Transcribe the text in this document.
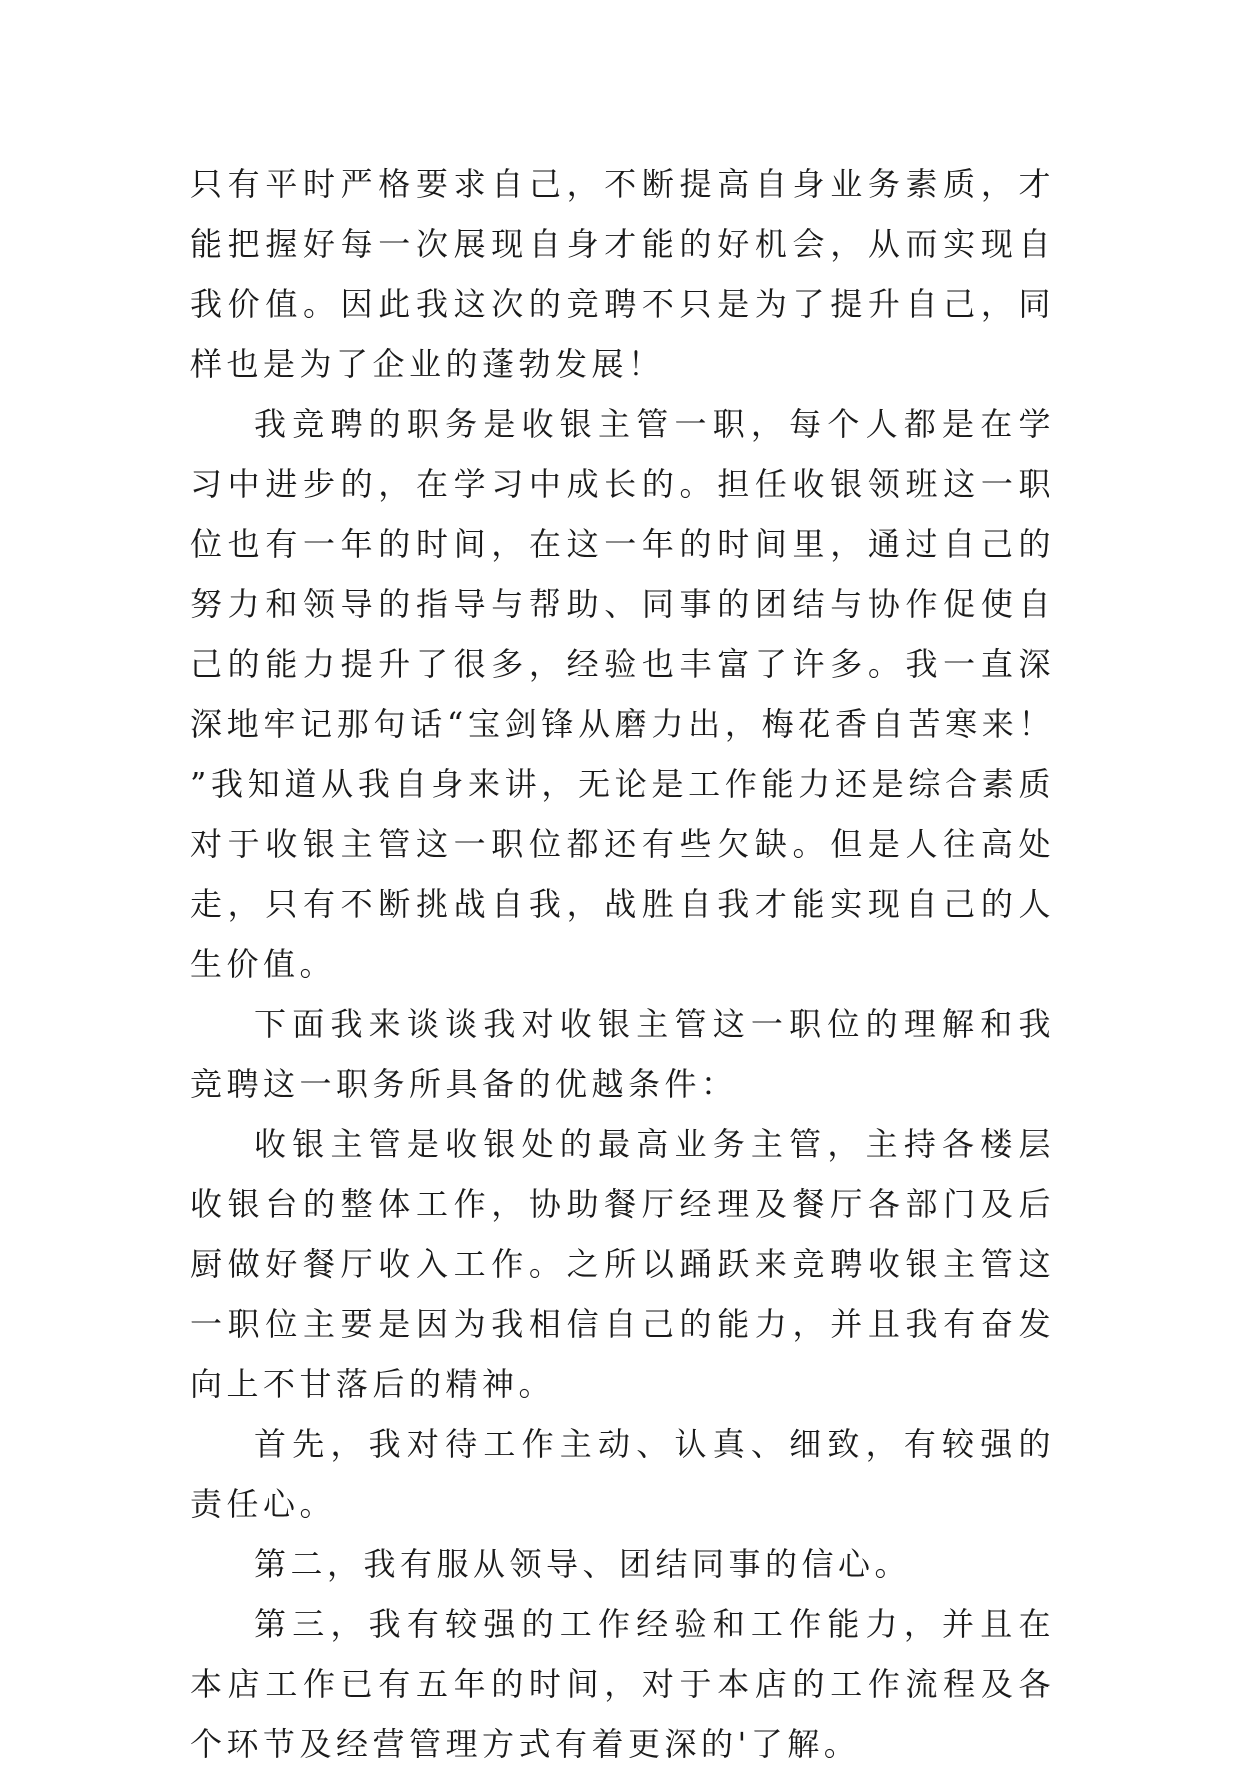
只有平时严格要求自己，不断提高自身业务素质，才能把握好每一次展现自身才能的好机会，从而实现自我价值。因此我这次的竞聘不只是为了提升自己，同样也是为了企业的蓬勃发展！

我竞聘的职务是收银主管一职，每个人都是在学习中进步的，在学习中成长的。担任收银领班这一职位也有一年的时间，在这一年的时间里，通过自己的努力和领导的指导与帮助、同事的团结与协作促使自己的能力提升了很多，经验也丰富了许多。我一直深深地牢记那句话“宝剑锋从磨力出，梅花香自苦寒来！”我知道从我自身来讲，无论是工作能力还是综合素质对于收银主管这一职位都还有些欠缺。但是人往高处走，只有不断挑战自我，战胜自我才能实现自己的人生价值。

下面我来谈谈我对收银主管这一职位的理解和我竞聘这一职务所具备的优越条件：

收银主管是收银处的最高业务主管，主持各楼层收银台的整体工作，协助餐厅经理及餐厅各部门及后厨做好餐厅收入工作。之所以踊跃来竞聘收银主管这一职位主要是因为我相信自己的能力，并且我有奋发向上不甘落后的精神。

首先，我对待工作主动、认真、细致，有较强的责任心。

第二，我有服从领导、团结同事的信心。

第三，我有较强的工作经验和工作能力，并且在本店工作已有五年的时间，对于本店的工作流程及各个环节及经营管理方式有着更深的'了解。
